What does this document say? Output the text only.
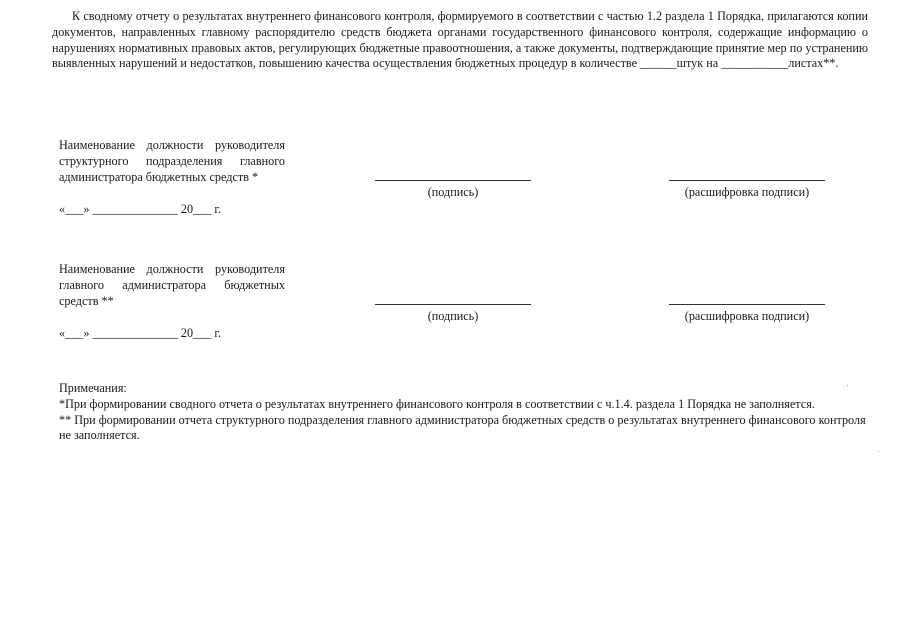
К сводному отчету о результатах внутреннего финансового контроля, формируемого в соответствии с частью 1.2 раздела 1 Порядка, прилагаются копии документов, направленных главному распорядителю средств бюджета органами государственного финансового контроля, содержащие информацию о нарушениях нормативных правовых актов, регулирующих бюджетные правоотношения, а также документы, подтверждающие принятие мер по устранению выявленных нарушений и недостатков, повышению качества осуществления бюджетных процедур в количестве ______штук на ___________листах**.

Наименование должности руководителя структурного подразделения главного администратора бюджетных средств *

(подпись)	(расшифровка подписи)
«___» ______________ 20___ г.

Наименование должности руководителя главного администратора бюджетных средств **

(подпись)	(расшифровка подписи)
«___» ______________ 20___ г.

Примечания:

*При формировании сводного отчета о результатах внутреннего финансового контроля в соответствии с ч.1.4. раздела 1 Порядка не заполняется.

** При формировании отчета структурного подразделения главного администратора бюджетных средств о результатах внутреннего финансового контроля не заполняется.
